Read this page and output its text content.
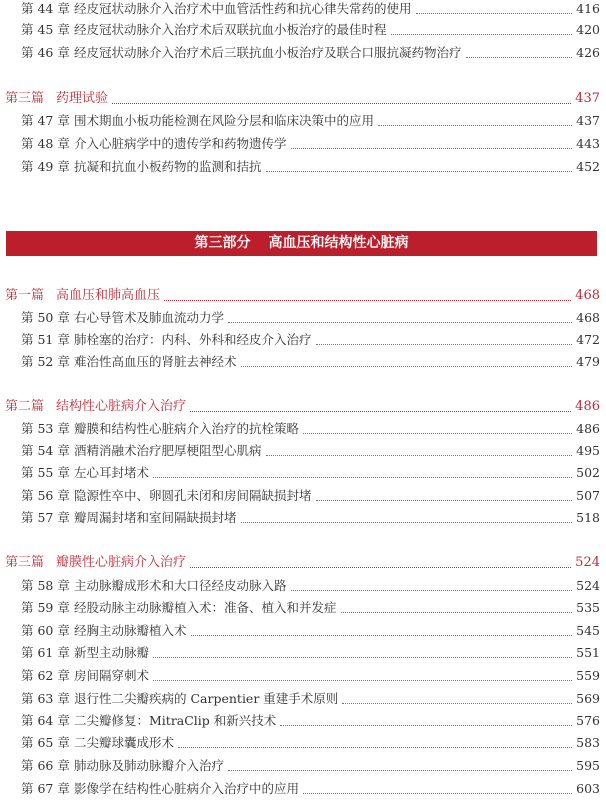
第 44 章 经皮冠状动脉介入治疗术中血管活性药和抗心律失常药的使用	416
第 45 章 经皮冠状动脉介入治疗术后双联抗血小板治疗的最佳时程	420
第 46 章 经皮冠状动脉介入治疗术后三联抗血小板治疗及联合口服抗凝药物治疗	426
第三篇 药理试验	437
第 47 章 围术期血小板功能检测在风险分层和临床决策中的应用	437
第 48 章 介入心脏病学中的遗传学和药物遗传学	443
第 49 章 抗凝和抗血小板药物的监测和拮抗	452
第三部分 高血压和结构性心脏病
第一篇 高血压和肺高血压	468
第 50 章 右心导管术及肺血流动力学	468
第 51 章 肺栓塞的治疗：内科、外科和经皮介入治疗	472
第 52 章 难治性高血压的肾脏去神经术	479
第二篇 结构性心脏病介入治疗	486
第 53 章 瓣膜和结构性心脏病介入治疗的抗栓策略	486
第 54 章 酒精消融术治疗肥厚梗阻型心肌病	495
第 55 章 左心耳封堵术	502
第 56 章 隐源性卒中、卵圆孔未闭和房间隔缺损封堵	507
第 57 章 瓣周漏封堵和室间隔缺损封堵	518
第三篇 瓣膜性心脏病介入治疗	524
第 58 章 主动脉瓣成形术和大口径经皮动脉入路	524
第 59 章 经股动脉主动脉瓣植入术：准备、植入和并发症	535
第 60 章 经胸主动脉瓣植入术	545
第 61 章 新型主动脉瓣	551
第 62 章 房间隔穿刺术	559
第 63 章 退行性二尖瓣疾病的 Carpentier 重建手术原则	569
第 64 章 二尖瓣修复：MitraClip 和新兴技术	576
第 65 章 二尖瓣球囊成形术	583
第 66 章 肺动脉及肺动脉瓣介入治疗	595
第 67 章 影像学在结构性心脏病介入治疗中的应用	603
